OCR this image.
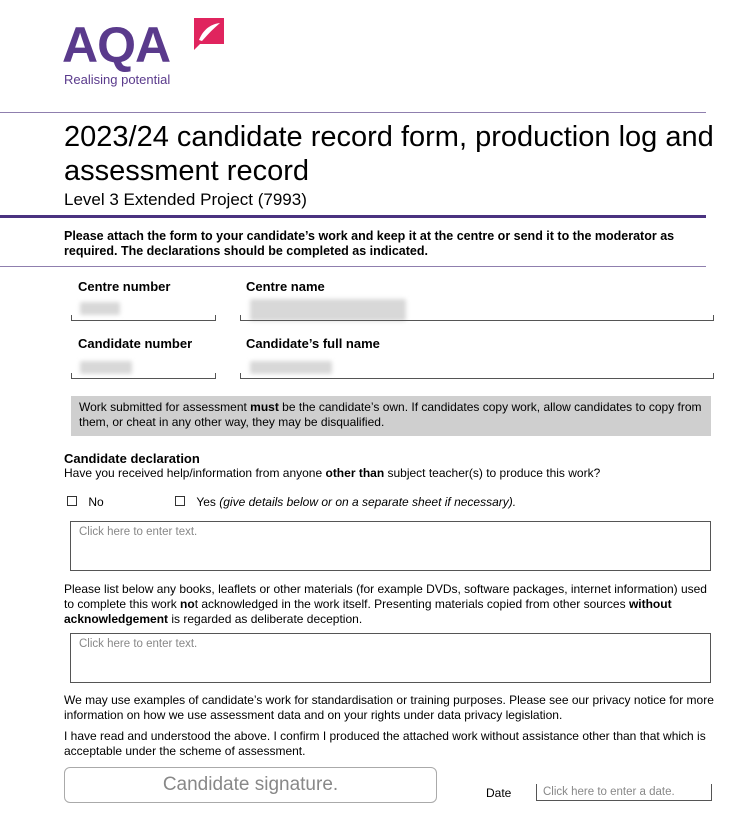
AQA
Realising potential
2023/24 candidate record form, production log and assessment record
Level 3 Extended Project (7993)
Please attach the form to your candidate’s work and keep it at the centre or send it to the moderator as required. The declarations should be completed as indicated.
Centre number	Centre name
Candidate number	Candidate’s full name
Work submitted for assessment must be the candidate’s own. If candidates copy work, allow candidates to copy from them, or cheat in any other way, they may be disqualified.
Candidate declaration
Have you received help/information from anyone other than subject teacher(s) to produce this work?
No	Yes (give details below or on a separate sheet if necessary).
Click here to enter text.
Please list below any books, leaflets or other materials (for example DVDs, software packages, internet information) used to complete this work not acknowledged in the work itself. Presenting materials copied from other sources without acknowledgement is regarded as deliberate deception.
Click here to enter text.
We may use examples of candidate’s work for standardisation or training purposes. Please see our privacy notice for more information on how we use assessment data and on your rights under data privacy legislation.
I have read and understood the above. I confirm I produced the attached work without assistance other than that which is acceptable under the scheme of assessment.
Candidate signature.	Date	Click here to enter a date.
